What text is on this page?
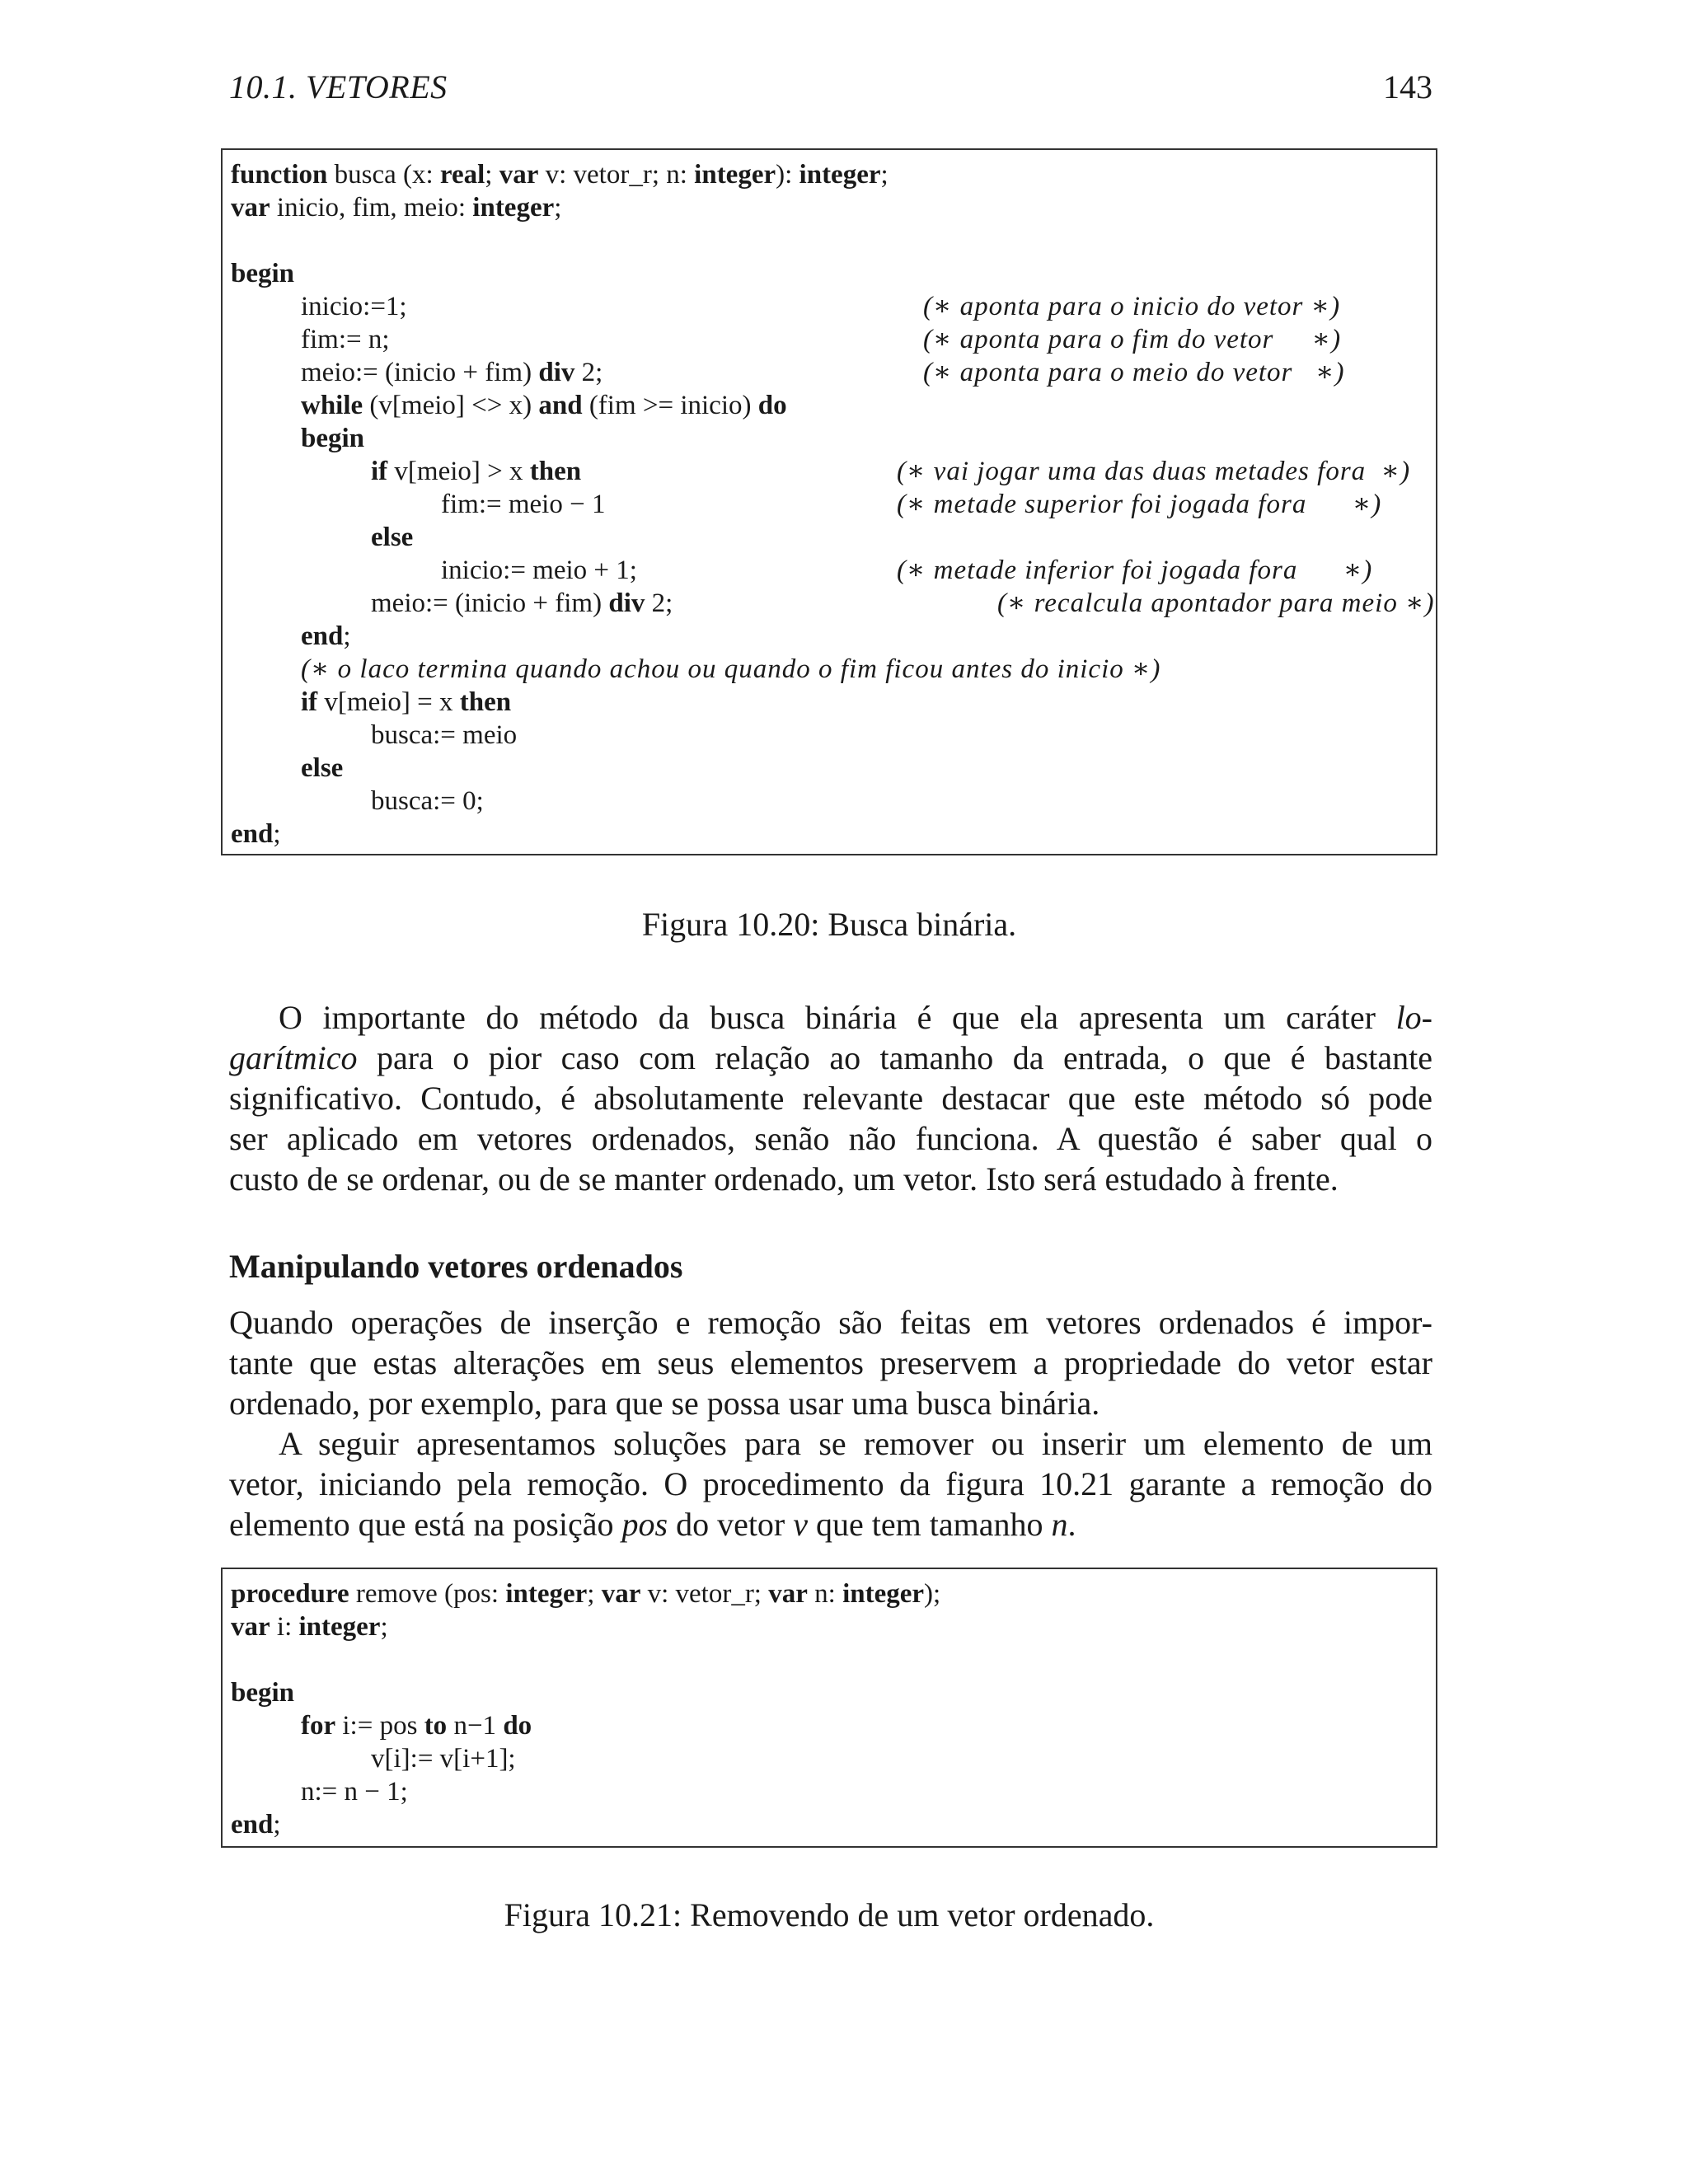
10.1. VETORES	143
function busca (x: real; var v: vetor_r; n: integer): integer;
var inicio, fim, meio: integer;
begin
inicio:=1;	(∗ aponta para o inicio do vetor ∗)
fim:= n;	(∗ aponta para o fim do vetor     ∗)
meio:= (inicio + fim) div 2;	(∗ aponta para o meio do vetor   ∗)
while (v[meio] <> x) and (fim >= inicio) do
begin
if v[meio] > x then	(∗ vai jogar uma das duas metades fora  ∗)
fim:= meio − 1	(∗ metade superior foi jogada fora      ∗)
else
inicio:= meio + 1;	(∗ metade inferior foi jogada fora      ∗)
meio:= (inicio + fim) div 2;	(∗ recalcula apontador para meio ∗)
end;
(∗ o laco termina quando achou ou quando o fim ficou antes do inicio ∗)
if v[meio] = x then
busca:= meio
else
busca:= 0;
end;
Figura 10.20: Busca binária.
O importante do método da busca binária é que ela apresenta um caráter lo-
garítmico para o pior caso com relação ao tamanho da entrada, o que é bastante
significativo. Contudo, é absolutamente relevante destacar que este método só pode
ser aplicado em vetores ordenados, senão não funciona. A questão é saber qual o
custo de se ordenar, ou de se manter ordenado, um vetor. Isto será estudado à frente.
Manipulando vetores ordenados
Quando operações de inserção e remoção são feitas em vetores ordenados é impor-
tante que estas alterações em seus elementos preservem a propriedade do vetor estar
ordenado, por exemplo, para que se possa usar uma busca binária.
A seguir apresentamos soluções para se remover ou inserir um elemento de um
vetor, iniciando pela remoção. O procedimento da figura 10.21 garante a remoção do
elemento que está na posição pos do vetor v que tem tamanho n.
procedure remove (pos: integer; var v: vetor_r; var n: integer);
var i: integer;
begin
for i:= pos to n−1 do
v[i]:= v[i+1];
n:= n − 1;
end;
Figura 10.21: Removendo de um vetor ordenado.
